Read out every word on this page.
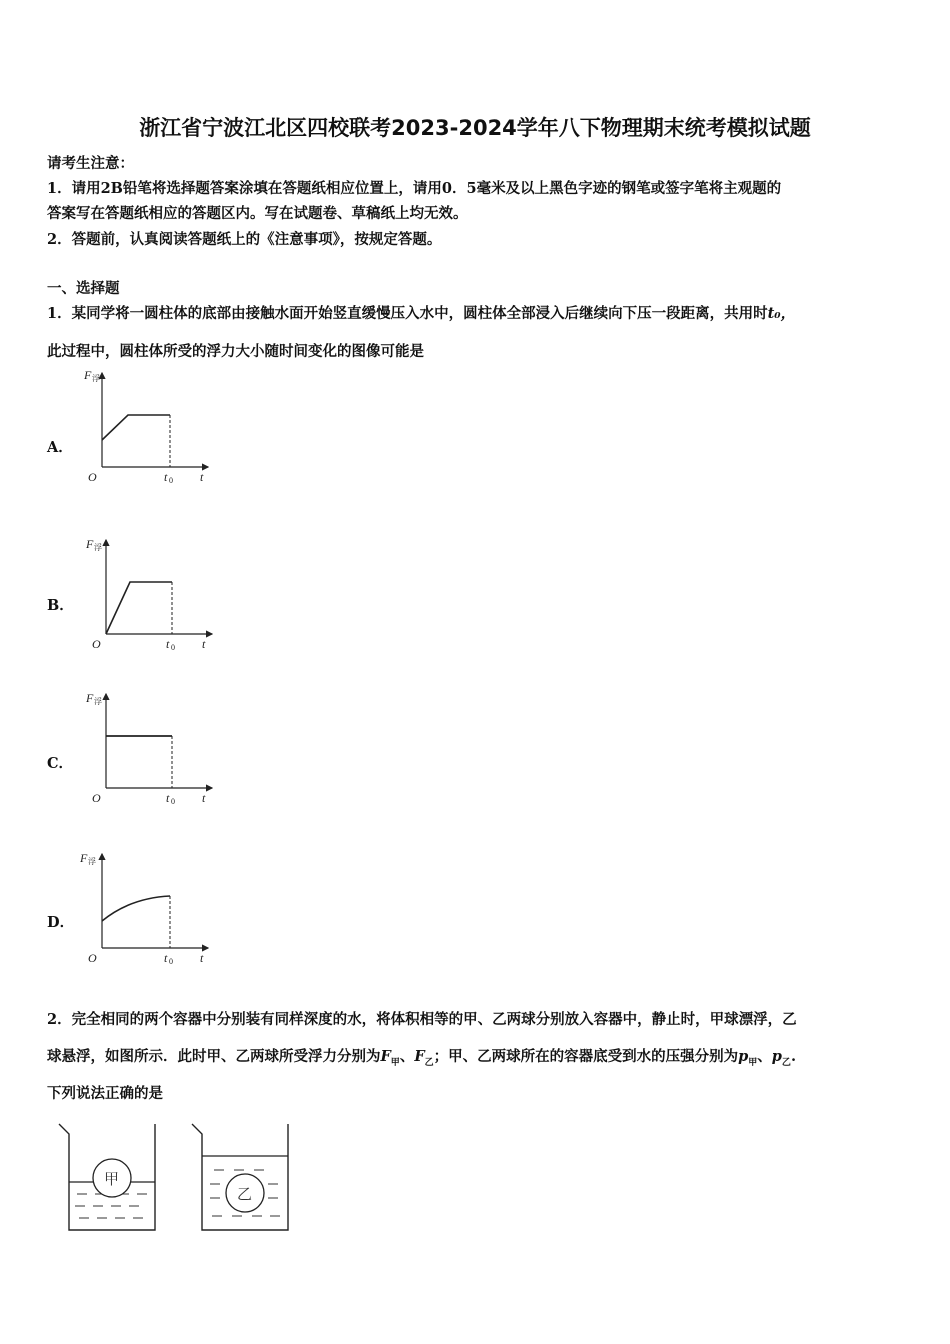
浙江省宁波江北区四校联考2023-2024学年八下物理期末统考模拟试题
请考生注意：
1．请用2B铅笔将选择题答案涂填在答题纸相应位置上，请用0．5毫米及以上黑色字迹的钢笔或签字笔将主观题的
答案写在答题纸相应的答题区内。写在试题卷、草稿纸上均无效。
2．答题前，认真阅读答题纸上的《注意事项》，按规定答题。
一、选择题
1．某同学将一圆柱体的底部由接触水面开始竖直缓慢压入水中，圆柱体全部浸入后继续向下压一段距离，共用时t₀，
此过程中，圆柱体所受的浮力大小随时间变化的图像可能是
A．
F 浮
O	t 0 t
B．
F 浮
O	t 0 t
C．
F 浮
O	t 0 t
D．
F 浮
O	t 0 t
2．完全相同的两个容器中分别装有同样深度的水，将体积相等的甲、乙两球分别放入容器中，静止时，甲球漂浮，乙
球悬浮，如图所示．此时甲、乙两球所受浮力分别为$F_甲$、$F_乙$；甲、乙两球所在的容器底受到水的压强分别为$p_甲$、$p_乙$.
下列说法正确的是
甲
乙
